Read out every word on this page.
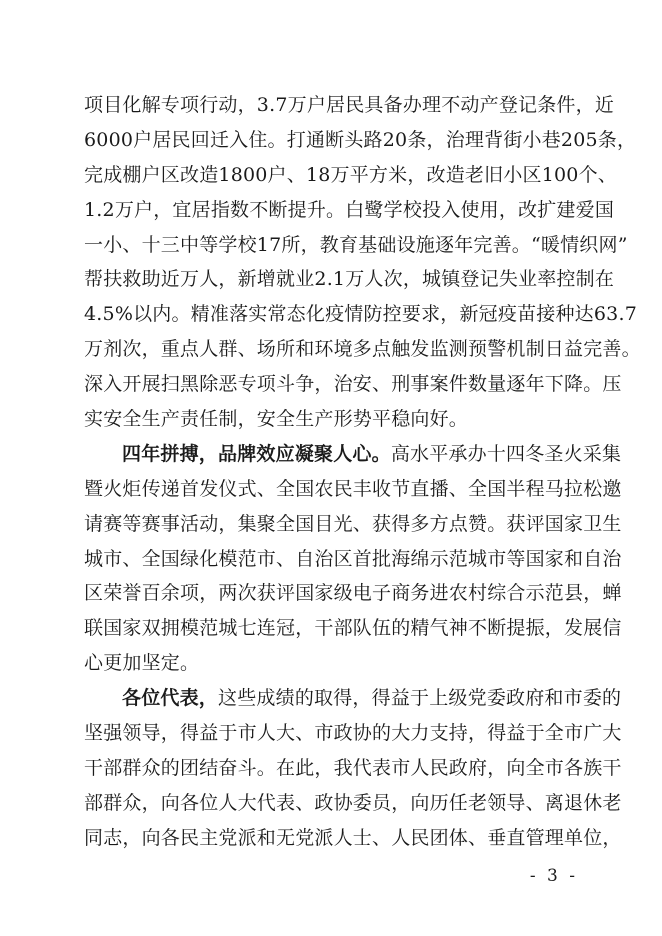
项目化解专项行动，3.7万户居民具备办理不动产登记条件，近
6000户居民回迁入住。打通断头路20条，治理背街小巷205条，
完成棚户区改造1800户、18万平方米，改造老旧小区100个、
1.2万户，宜居指数不断提升。白鹭学校投入使用，改扩建爱国
一小、十三中等学校17所，教育基础设施逐年完善。“暖情织网”
帮扶救助近万人，新增就业2.1万人次，城镇登记失业率控制在
4.5%以内。精准落实常态化疫情防控要求，新冠疫苗接种达63.7
万剂次，重点人群、场所和环境多点触发监测预警机制日益完善。
深入开展扫黑除恶专项斗争，治安、刑事案件数量逐年下降。压
实安全生产责任制，安全生产形势平稳向好。
四年拼搏，品牌效应凝聚人心。高水平承办十四冬圣火采集
暨火炬传递首发仪式、全国农民丰收节直播、全国半程马拉松邀
请赛等赛事活动，集聚全国目光、获得多方点赞。获评国家卫生
城市、全国绿化模范市、自治区首批海绵示范城市等国家和自治
区荣誉百余项，两次获评国家级电子商务进农村综合示范县，蝉
联国家双拥模范城七连冠，干部队伍的精气神不断提振，发展信
心更加坚定。
各位代表，这些成绩的取得，得益于上级党委政府和市委的
坚强领导，得益于市人大、市政协的大力支持，得益于全市广大
干部群众的团结奋斗。在此，我代表市人民政府，向全市各族干
部群众，向各位人大代表、政协委员，向历任老领导、离退休老
同志，向各民主党派和无党派人士、人民团体、垂直管理单位，
- 3 -
